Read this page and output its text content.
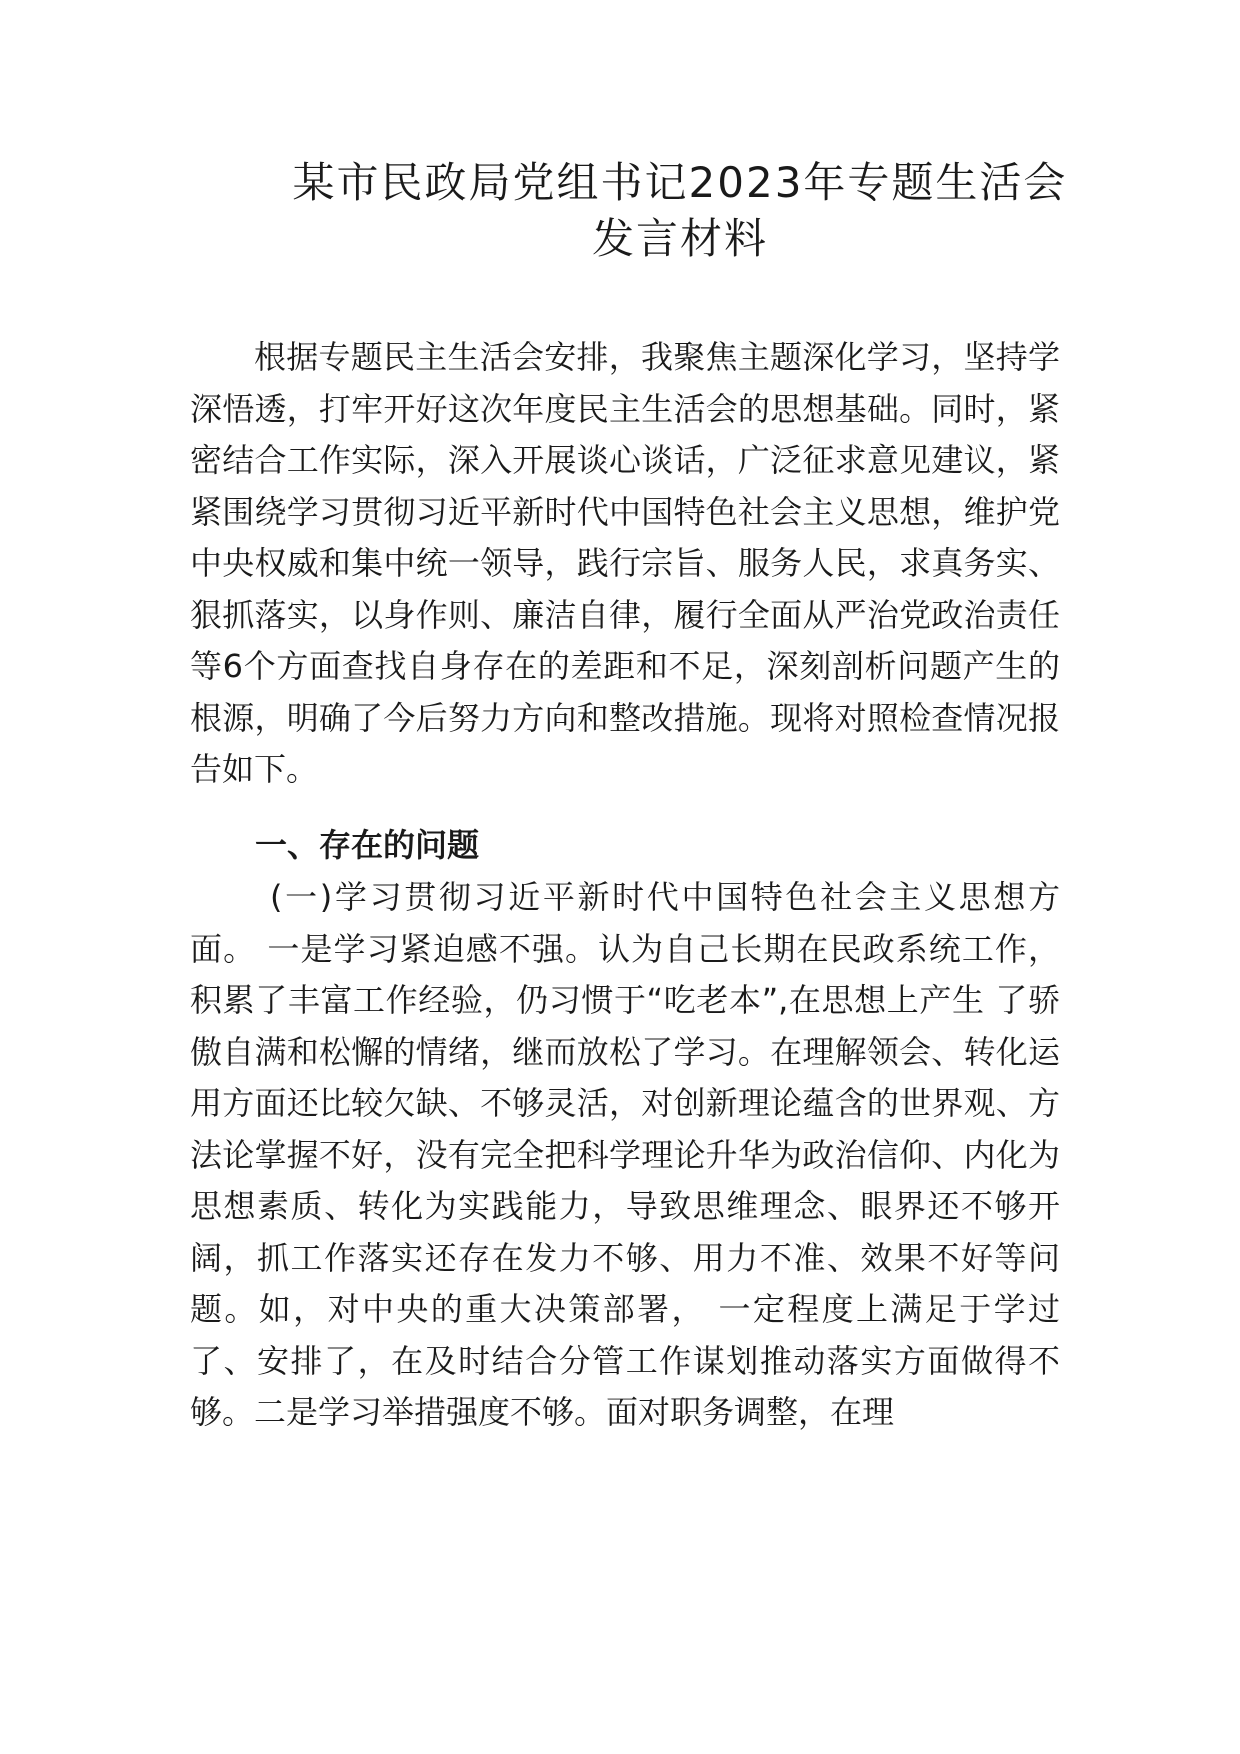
某市民政局党组书记2023年专题生活会发言材料
根据专题民主生活会安排，我聚焦主题深化学习，坚持学深悟透，打牢开好这次年度民主生活会的思想基础。同时，紧密结合工作实际，深入开展谈心谈话，广泛征求意见建议，紧紧围绕学习贯彻习近平新时代中国特色社会主义思想，维护党中央权威和集中统一领导，践行宗旨、服务人民，求真务实、狠抓落实，以身作则、廉洁自律，履行全面从严治党政治责任等6个方面查找自身存在的差距和不足，深刻剖析问题产生的根源，明确了今后努力方向和整改措施。现将对照检查情况报告如下。
一、存在的问题
(一)学习贯彻习近平新时代中国特色社会主义思想方面。 一是学习紧迫感不强。认为自己长期在民政系统工作，积累了丰富工作经验，仍习惯于“吃老本”,在思想上产生 了骄傲自满和松懈的情绪，继而放松了学习。在理解领会、转化运用方面还比较欠缺、不够灵活，对创新理论蕴含的世界观、方法论掌握不好，没有完全把科学理论升华为政治信仰、内化为思想素质、转化为实践能力，导致思维理念、眼界还不够开阔，抓工作落实还存在发力不够、用力不准、效果不好等问题。如，对中央的重大决策部署， 一定程度上满足于学过了、安排了，在及时结合分管工作谋划推动落实方面做得不够。二是学习举措强度不够。面对职务调整，在理
